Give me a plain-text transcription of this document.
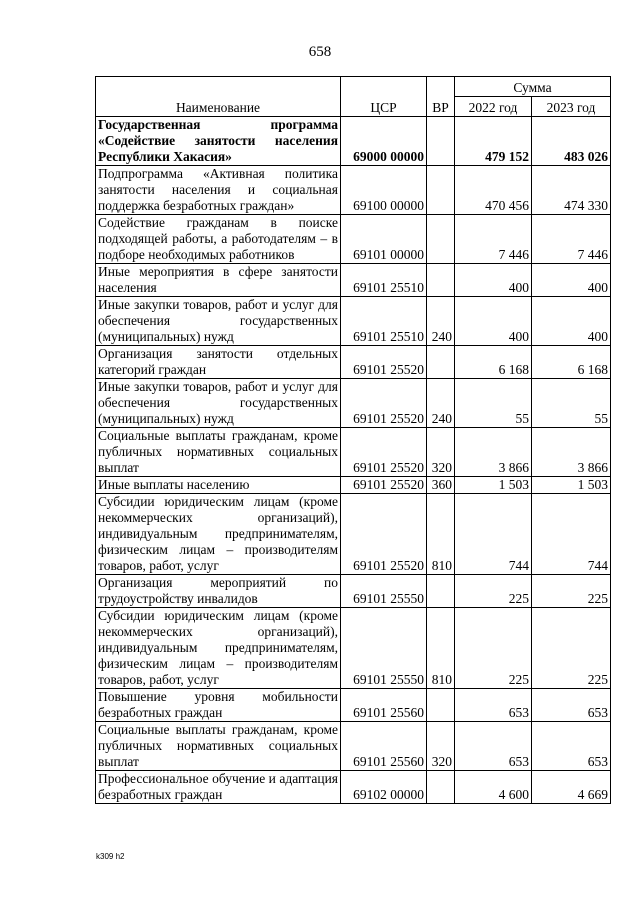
658
Наименование	ЦСР	ВР	Сумма	
			2022 год	2023 год
Государственная программа «Содействие занятости населения Республики Хакасия»	69000 00000		479 152	483 026
Подпрограмма «Активная политика занятости населения и социальная поддержка безработных граждан»	69100 00000		470 456	474 330
Содействие гражданам в поиске подходящей работы, а работодателям – в подборе необходимых работников	69101 00000		7 446	7 446
Иные мероприятия в сфере занятости населения	69101 25510		400	400
Иные закупки товаров, работ и услуг для обеспечения государственных (муниципальных) нужд	69101 25510	240	400	400
Организация занятости отдельных категорий граждан	69101 25520		6 168	6 168
Иные закупки товаров, работ и услуг для обеспечения государственных (муниципальных) нужд	69101 25520	240	55	55
Социальные выплаты гражданам, кроме публичных нормативных социальных выплат	69101 25520	320	3 866	3 866
Иные выплаты населению	69101 25520	360	1 503	1 503
Субсидии юридическим лицам (кроме некоммерческих организаций), индивидуальным предпринимателям, физическим лицам – производителям товаров, работ, услуг	69101 25520	810	744	744
Организация мероприятий по трудоустройству инвалидов	69101 25550		225	225
Субсидии юридическим лицам (кроме некоммерческих организаций), индивидуальным предпринимателям, физическим лицам – производителям товаров, работ, услуг	69101 25550	810	225	225
Повышение уровня мобильности безработных граждан	69101 25560		653	653
Социальные выплаты гражданам, кроме публичных нормативных социальных выплат	69101 25560	320	653	653
Профессиональное обучение и адаптация безработных граждан	69102 00000		4 600	4 669
k309 h2
